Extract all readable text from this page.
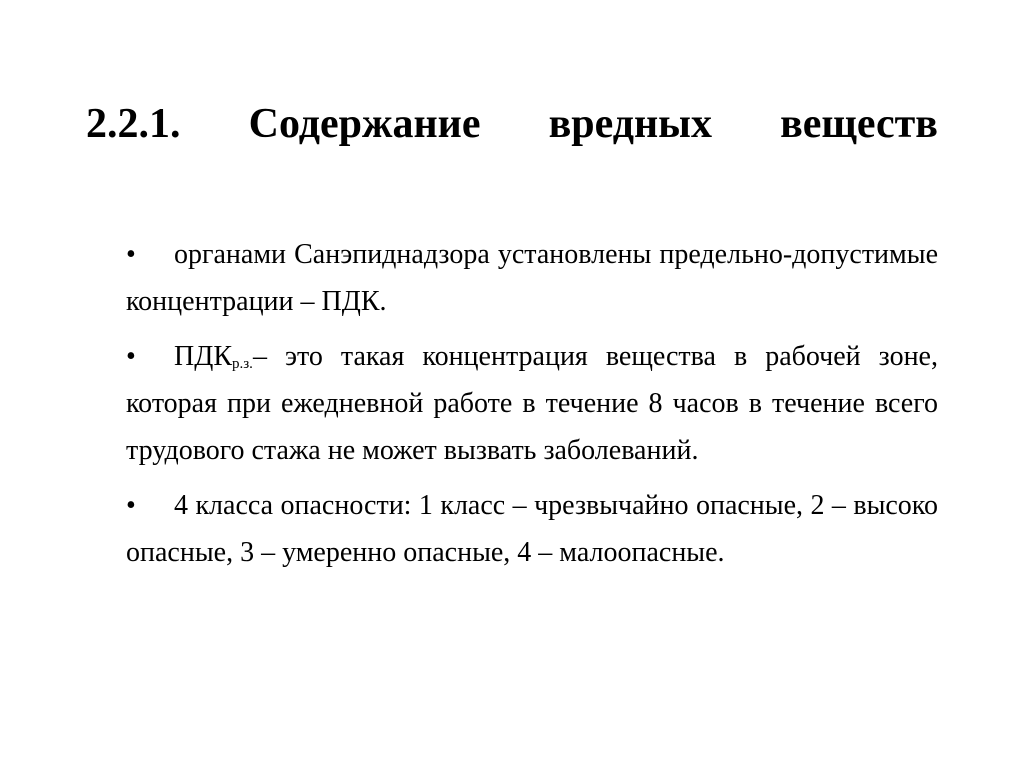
2.2.1. Содержание вредных веществ
• органами Санэпиднадзора установлены предельно-допустимые концентрации – ПДК.
• $ПДК_{р.з.}-$ это такая концентрация вещества в рабочей зоне, которая при ежедневной работе в течение 8 часов в течение всего трудового стажа не может вызвать заболеваний.
• 4 класса опасности: 1 класс – чрезвычайно опасные, 2 – высоко опасные, 3 – умеренно опасные, 4 – малоопасные.
